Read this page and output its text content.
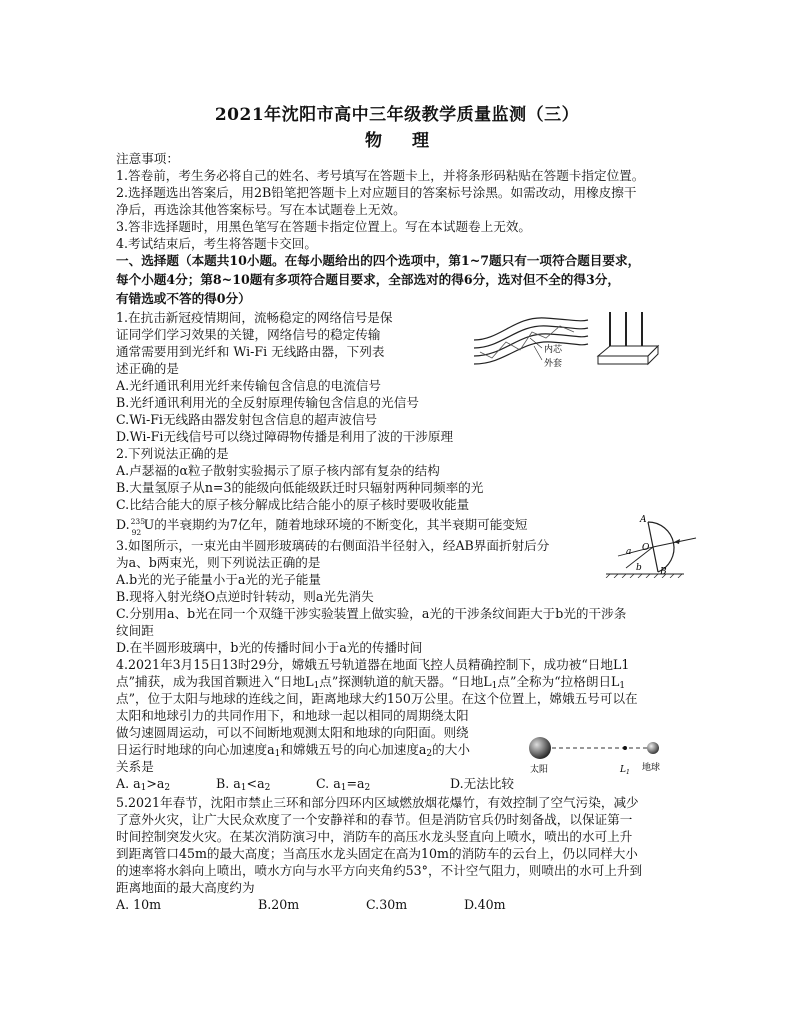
2021年沈阳市高中三年级教学质量监测（三）
物理
注意事项：
1.答卷前，考生务必将自己的姓名、考号填写在答题卡上，并将条形码粘贴在答题卡指定位置。
2.选择题选出答案后，用2B铅笔把答题卡上对应题目的答案标号涂黑。如需改动，用橡皮擦干
净后，再选涂其他答案标号。写在本试题卷上无效。
3.答非选择题时，用黑色笔写在答题卡指定位置上。写在本试题卷上无效。
4.考试结束后，考生将答题卡交回。
一、选择题（本题共10小题。在每小题给出的四个选项中，第1~7题只有一项符合题目要求，
每个小题4分；第8~10题有多项符合题目要求，全部选对的得6分，选对但不全的得3分，
有错选或不答的得0分）
1.在抗击新冠疫情期间，流畅稳定的网络信号是保
证同学们学习效果的关键，网络信号的稳定传输
通常需要用到光纤和 Wi-Fi 无线路由器，下列表
述正确的是
A.光纤通讯利用光纤来传输包含信息的电流信号
B.光纤通讯利用光的全反射原理传输包含信息的光信号
C.Wi-Fi无线路由器发射包含信息的超声波信号
D.Wi-Fi无线信号可以绕过障碍物传播是利用了波的干涉原理
内芯
外套
2.下列说法正确的是
A.卢瑟福的α粒子散射实验揭示了原子核内部有复杂的结构
B.大量氢原子从n=3的能级向低能级跃迁时只辐射两种同频率的光
C.比结合能大的原子核分解成比结合能小的原子核时要吸收能量
D. 235
92
U的半衰期约为7亿年，随着地球环境的不断变化，其半衰期可能变短
3.如图所示，一束光由半圆形玻璃砖的右侧面沿半径射入，经AB界面折射后分
为a、b两束光，则下列说法正确的是
A.b光的光子能量小于a光的光子能量
B.现将入射光绕O点逆时针转动，则a光先消失
C.分别用a、b光在同一个双缝干涉实验装置上做实验，a光的干涉条纹间距大于b光的干涉条
纹间距
D.在半圆形玻璃中，b光的传播时间小于a光的传播时间
A
B
O
a
b
4.2021年3月15日13时29分，嫦娥五号轨道器在地面飞控人员精确控制下，成功被“日地L1
点”捕获，成为我国首颗进入“日地$L_1$点”探测轨道的航天器。“日地$L_1$点”全称为“拉格朗日$L_1$
点”，位于太阳与地球的连线之间，距离地球大约150万公里。在这个位置上，嫦娥五号可以在
太阳和地球引力的共同作用下，和地球一起以相同的周期绕太阳
做匀速圆周运动，可以不间断地观测太阳和地球的向阳面。则绕
日运行时地球的向心加速度$a_1$和嫦娥五号的向心加速度$a_2$的大小
关系是
A. $a_1>a_2$	B. $a_1<a_2$	C. $a_1=a_2$	D.无法比较
太阳	$L_1$ 地球
5.2021年春节，沈阳市禁止三环和部分四环内区域燃放烟花爆竹，有效控制了空气污染，减少
了意外火灾，让广大民众欢度了一个安静祥和的春节。但是消防官兵仍时刻备战，以保证第一
时间控制突发火灾。在某次消防演习中，消防车的高压水龙头竖直向上喷水，喷出的水可上升
到距离管口45m的最大高度；当高压水龙头固定在高为10m的消防车的云台上，仍以同样大小
的速率将水斜向上喷出，喷水方向与水平方向夹角约53°，不计空气阻力，则喷出的水可上升到
距离地面的最大高度约为
A. 10m	B.20m	C.30m	D.40m
